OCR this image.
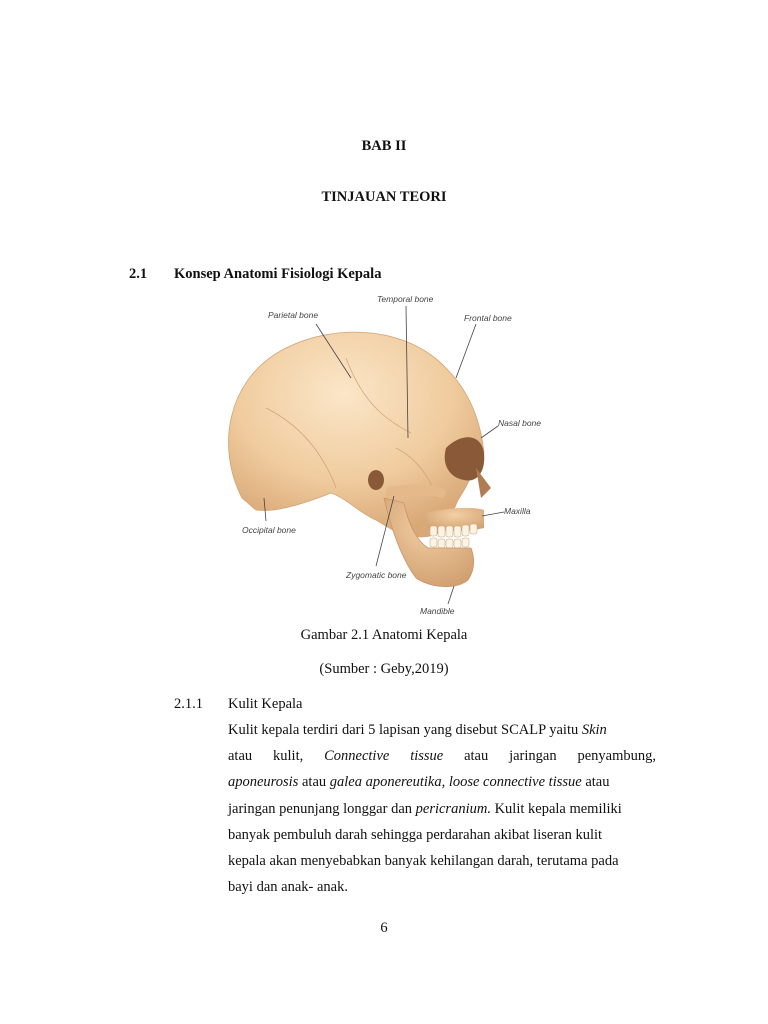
BAB II
TINJAUAN TEORI
2.1 Konsep Anatomi Fisiologi Kepala
Parietal bone
Temporal bone
Frontal bone
Nasal bone
Maxilla
Occipital bone
Zygomatic bone
Mandible
Gambar 2.1 Anatomi Kepala
(Sumber : Geby,2019)
2.1.1 Kulit Kepala
Kulit kepala terdiri dari 5 lapisan yang disebut SCALP yaitu Skin
atau kulit, Connective tissue atau jaringan penyambung,
aponeurosis atau galea aponereutika, loose connective tissue atau
jaringan penunjang longgar dan pericranium. Kulit kepala memiliki
banyak pembuluh darah sehingga perdarahan akibat liseran kulit
kepala akan menyebabkan banyak kehilangan darah, terutama pada
bayi dan anak- anak.
6
